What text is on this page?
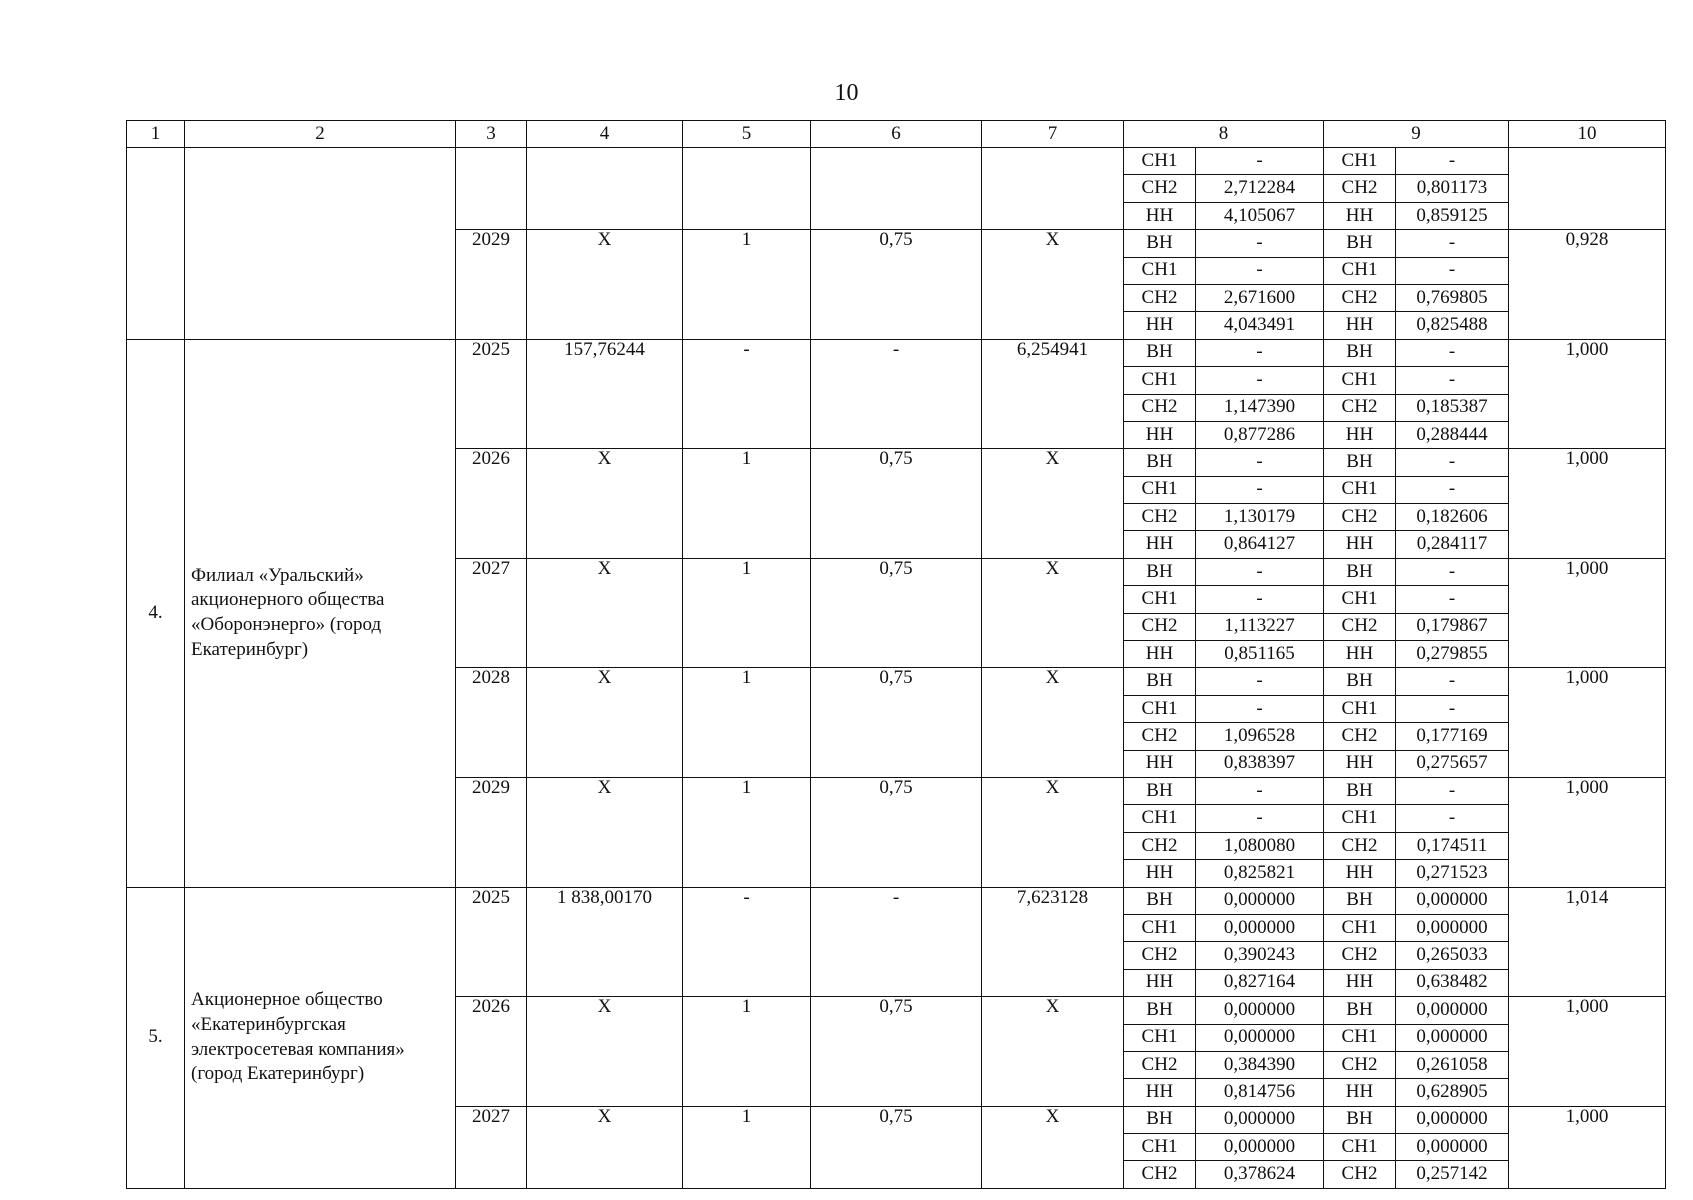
10
1	2	3	4	5	6	7	8		9		10
							СН1	-	СН1	-	
							СН2	2,712284	СН2	0,801173	
							НН	4,105067	НН	0,859125	
		2029	Х	1	0,75	Х	ВН	-	ВН	-	0,928
							СН1	-	СН1	-	
							СН2	2,671600	СН2	0,769805	
							НН	4,043491	НН	0,825488	
4.	Филиал «Уральский» акционерного общества «Оборонэнерго» (город Екатеринбург)	2025	157,76244	-	-	6,254941	ВН	-	ВН	-	1,000
							СН1	-	СН1	-	
							СН2	1,147390	СН2	0,185387	
							НН	0,877286	НН	0,288444	
		2026	Х	1	0,75	Х	ВН	-	ВН	-	1,000
							СН1	-	СН1	-	
							СН2	1,130179	СН2	0,182606	
							НН	0,864127	НН	0,284117	
		2027	Х	1	0,75	Х	ВН	-	ВН	-	1,000
							СН1	-	СН1	-	
							СН2	1,113227	СН2	0,179867	
							НН	0,851165	НН	0,279855	
		2028	Х	1	0,75	Х	ВН	-	ВН	-	1,000
							СН1	-	СН1	-	
							СН2	1,096528	СН2	0,177169	
							НН	0,838397	НН	0,275657	
		2029	Х	1	0,75	Х	ВН	-	ВН	-	1,000
							СН1	-	СН1	-	
							СН2	1,080080	СН2	0,174511	
							НН	0,825821	НН	0,271523	
5.	Акционерное общество «Екатеринбургская электросетевая компания» (город Екатеринбург)	2025	1 838,00170	-	-	7,623128	ВН	0,000000	ВН	0,000000	1,014
							СН1	0,000000	СН1	0,000000	
							СН2	0,390243	СН2	0,265033	
							НН	0,827164	НН	0,638482	
		2026	Х	1	0,75	Х	ВН	0,000000	ВН	0,000000	1,000
							СН1	0,000000	СН1	0,000000	
							СН2	0,384390	СН2	0,261058	
							НН	0,814756	НН	0,628905	
		2027	Х	1	0,75	Х	ВН	0,000000	ВН	0,000000	1,000
							СН1	0,000000	СН1	0,000000	
							СН2	0,378624	СН2	0,257142	
